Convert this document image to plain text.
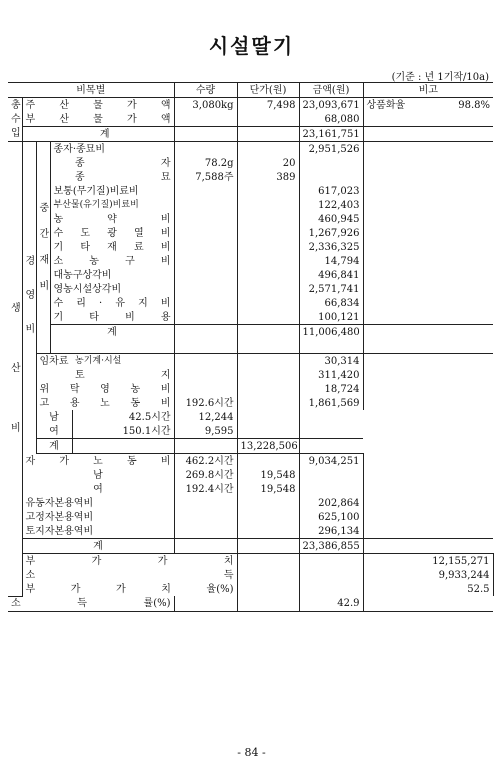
시설딸기
(기준 : 년 1기작/10a)
비목별					수량	단가(원)	금액(원)	비고	
총수입	주 산 물 가 액				3,080kg	7,498	23,093,671	상품화율 98.8%	

	부 산 물 가 액						68,080		
		계					23,161,751		
생산비	경영비	중간재비	종자·종묘비				2,951,526		
				종 자	78.2g	20			
				종 묘	7,588주	389			
			보통(무기질)비료비				617,023		
			부산물(유기질)비료비				122,403		
			농 약 비				460,945		
			수 도 광 열 비				1,267,926		
			기 타 재 료 비				2,336,325		
			소 농 구 비				14,794		
			대농구상각비				496,841		
			영농시설상각비				2,571,741		
			수 리 · 유 지 비				66,834		
			기 타 비 용				100,121		
			계				11,006,480		

		임차료		농기계·시설			30,314		
				토 지			311,420		
		위 탁 영 농 비					18,724		
		고 용 노 동 비			192.6시간		1,861,569		
		남		42.5시간	12,244				
		여		150.1시간	9,595				
		계				13,228,506			
	자 가 노 동 비				462.2시간		9,034,251		
	남				269.8시간	19,548			
	여				192.4시간	19,548			
	유동자본용역비						202,864		
	고정자본용역비						625,100		
	토지자본용역비						296,134		
	계						23,386,855		
	부 가 가 치							12,155,271	
	소 득							9,933,244	
	부 가 가 치 율(%)							52.5	
소 득 률(%)							42.9		
- 84 -
